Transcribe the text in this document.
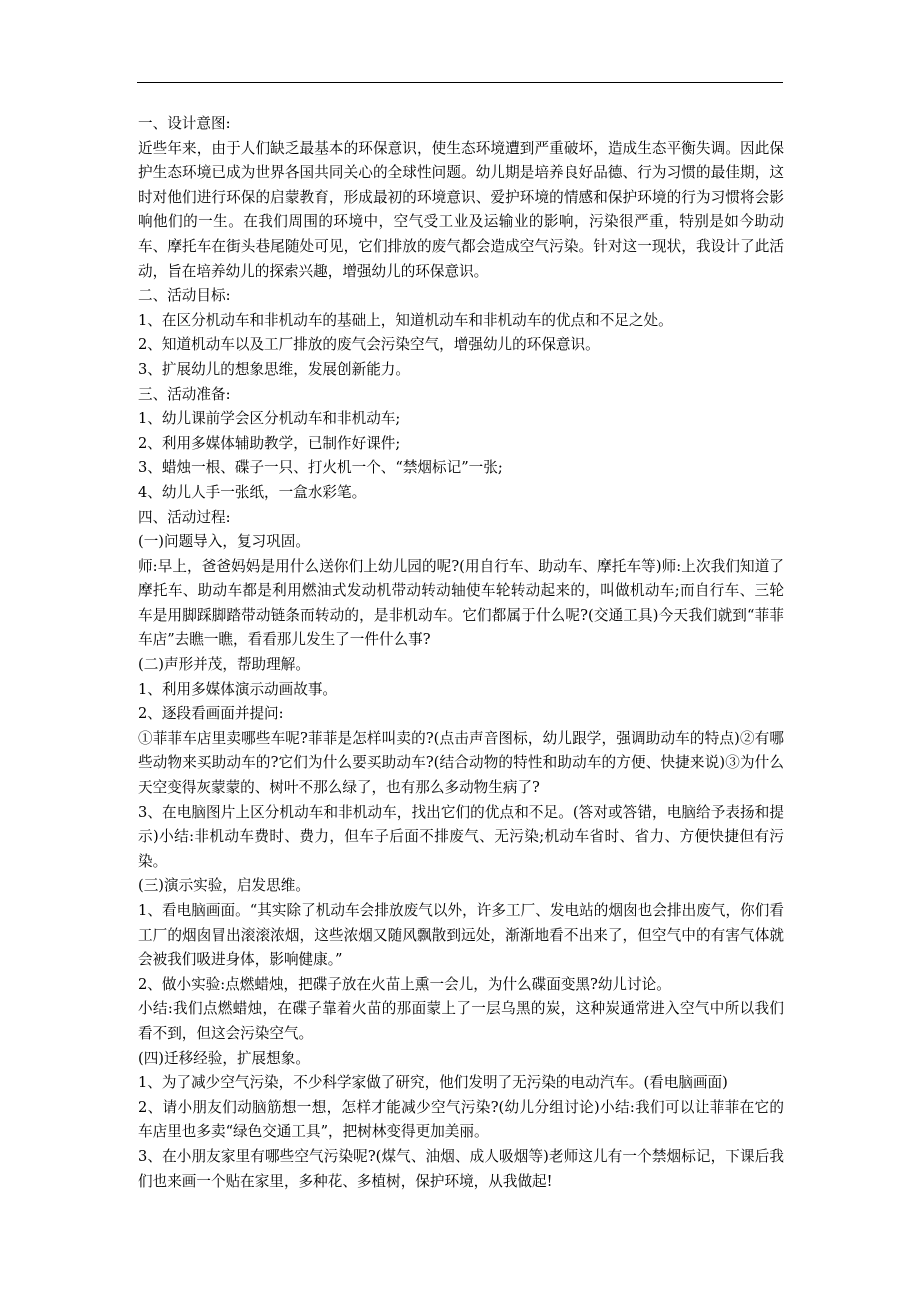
一、设计意图:

近些年来，由于人们缺乏最基本的环保意识，使生态环境遭到严重破坏，造成生态平衡失调。因此保护生态环境已成为世界各国共同关心的全球性问题。幼儿期是培养良好品德、行为习惯的最佳期，这时对他们进行环保的启蒙教育，形成最初的环境意识、爱护环境的情感和保护环境的行为习惯将会影响他们的一生。在我们周围的环境中，空气受工业及运输业的影响，污染很严重，特别是如今助动车、摩托车在街头巷尾随处可见，它们排放的废气都会造成空气污染。针对这一现状，我设计了此活动，旨在培养幼儿的探索兴趣，增强幼儿的环保意识。

二、活动目标:

1、在区分机动车和非机动车的基础上，知道机动车和非机动车的优点和不足之处。

2、知道机动车以及工厂排放的废气会污染空气，增强幼儿的环保意识。

3、扩展幼儿的想象思维，发展创新能力。

三、活动准备:

1、幼儿课前学会区分机动车和非机动车;

2、利用多媒体辅助教学，已制作好课件;

3、蜡烛一根、碟子一只、打火机一个、“禁烟标记”一张;

4、幼儿人手一张纸，一盒水彩笔。

四、活动过程:

(一)问题导入，复习巩固。

师:早上，爸爸妈妈是用什么送你们上幼儿园的呢?(用自行车、助动车、摩托车等)师:上次我们知道了摩托车、助动车都是利用燃油式发动机带动转动轴使车轮转动起来的，叫做机动车;而自行车、三轮车是用脚踩脚踏带动链条而转动的，是非机动车。它们都属于什么呢?(交通工具)今天我们就到“菲菲车店”去瞧一瞧，看看那儿发生了一件什么事?

(二)声形并茂，帮助理解。

1、利用多媒体演示动画故事。

2、逐段看画面并提问:

①菲菲车店里卖哪些车呢?菲菲是怎样叫卖的?(点击声音图标，幼儿跟学，强调助动车的特点)②有哪些动物来买助动车的?它们为什么要买助动车?(结合动物的特性和助动车的方便、快捷来说)③为什么天空变得灰蒙蒙的、树叶不那么绿了，也有那么多动物生病了?

3、在电脑图片上区分机动车和非机动车，找出它们的优点和不足。(答对或答错，电脑给予表扬和提示)小结:非机动车费时、费力，但车子后面不排废气、无污染;机动车省时、省力、方便快捷但有污染。

(三)演示实验，启发思维。

1、看电脑画面。“其实除了机动车会排放废气以外，许多工厂、发电站的烟囱也会排出废气，你们看工厂的烟囱冒出滚滚浓烟，这些浓烟又随风飘散到远处，渐渐地看不出来了，但空气中的有害气体就会被我们吸进身体，影响健康。”

2、做小实验:点燃蜡烛，把碟子放在火苗上熏一会儿，为什么碟面变黑?幼儿讨论。

小结:我们点燃蜡烛，在碟子靠着火苗的那面蒙上了一层乌黑的炭，这种炭通常进入空气中所以我们看不到，但这会污染空气。

(四)迁移经验，扩展想象。

1、为了减少空气污染，不少科学家做了研究，他们发明了无污染的电动汽车。(看电脑画面)

2、请小朋友们动脑筋想一想，怎样才能减少空气污染?(幼儿分组讨论)小结:我们可以让菲菲在它的车店里也多卖“绿色交通工具”，把树林变得更加美丽。

3、在小朋友家里有哪些空气污染呢?(煤气、油烟、成人吸烟等)老师这儿有一个禁烟标记，下课后我们也来画一个贴在家里，多种花、多植树，保护环境，从我做起!
